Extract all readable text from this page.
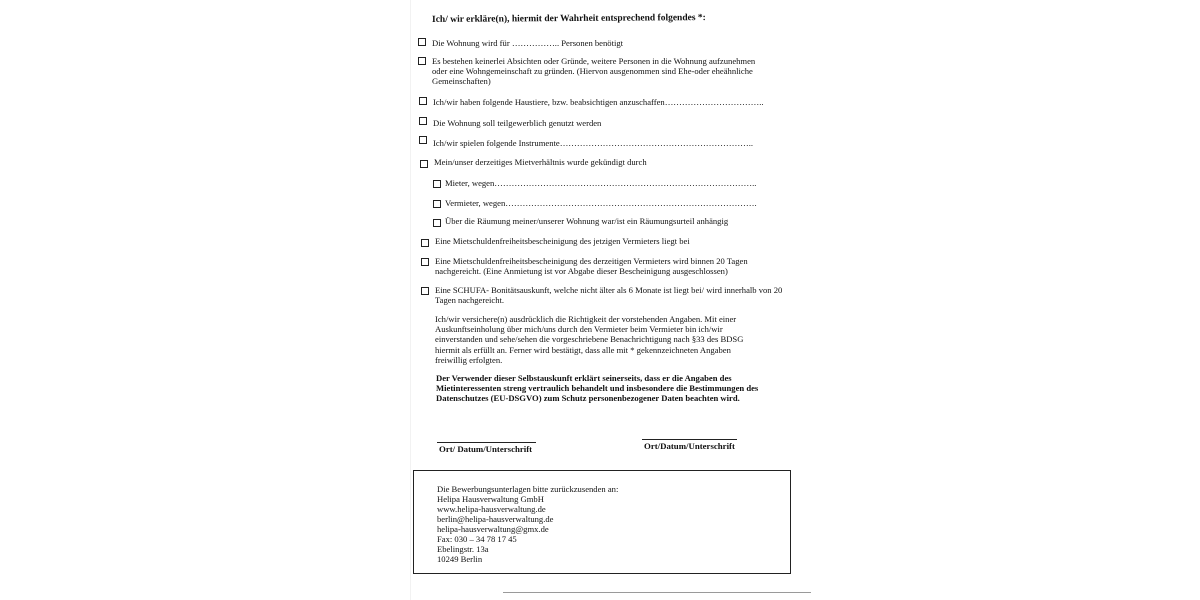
Ich/ wir erkläre(n), hiermit der Wahrheit entsprechend folgendes *:
Die Wohnung wird für …………….. Personen benötigt
Es bestehen keinerlei Absichten oder Gründe, weitere Personen in die Wohnung aufzunehmen oder eine Wohngemeinschaft zu gründen. (Hiervon ausgenommen sind Ehe-oder eheähnliche Gemeinschaften)
Ich/wir haben folgende Haustiere, bzw. beabsichtigen anzuschaffen……………………………..
Die Wohnung soll teilgewerblich genutzt werden
Ich/wir spielen folgende Instrumente…………………………………………………………..
Mein/unser derzeitiges Mietverhältnis wurde gekündigt durch
Mieter, wegen………………………………………………………………………………..
Vermieter, wegen…………………………………………………………………………….
Über die Räumung meiner/unserer Wohnung war/ist ein Räumungsurteil anhängig
Eine Mietschuldenfreiheitsbescheinigung des jetzigen Vermieters liegt bei
Eine Mietschuldenfreiheitsbescheinigung des derzeitigen Vermieters wird binnen 20 Tagen nachgereicht. (Eine Anmietung ist vor Abgabe dieser Bescheinigung ausgeschlossen)
Eine SCHUFA- Bonitätsauskunft, welche nicht älter als 6 Monate ist liegt bei/ wird innerhalb von 20 Tagen nachgereicht.
Ich/wir versichere(n) ausdrücklich die Richtigkeit der vorstehenden Angaben. Mit einer Auskunftseinholung über mich/uns durch den Vermieter beim Vermieter bin ich/wir einverstanden und sehe/sehen die vorgeschriebene Benachrichtigung nach §33 des BDSG hiermit als erfüllt an. Ferner wird bestätigt, dass alle mit * gekennzeichneten Angaben freiwillig erfolgten.
Der Verwender dieser Selbstauskunft erklärt seinerseits, dass er die Angaben des Mietinteressenten streng vertraulich behandelt und insbesondere die Bestimmungen des Datenschutzes (EU-DSGVO) zum Schutz personenbezogener Daten beachten wird.
Ort/ Datum/Unterschrift	Ort/Datum/Unterschrift
Die Bewerbungsunterlagen bitte zurückzusenden an:
Helipa Hausverwaltung GmbH
www.helipa-hausverwaltung.de
berlin@helipa-hausverwaltung.de
helipa-hausverwaltung@gmx.de
Fax: 030 – 34 78 17 45
Ebelingstr. 13a
10249 Berlin
